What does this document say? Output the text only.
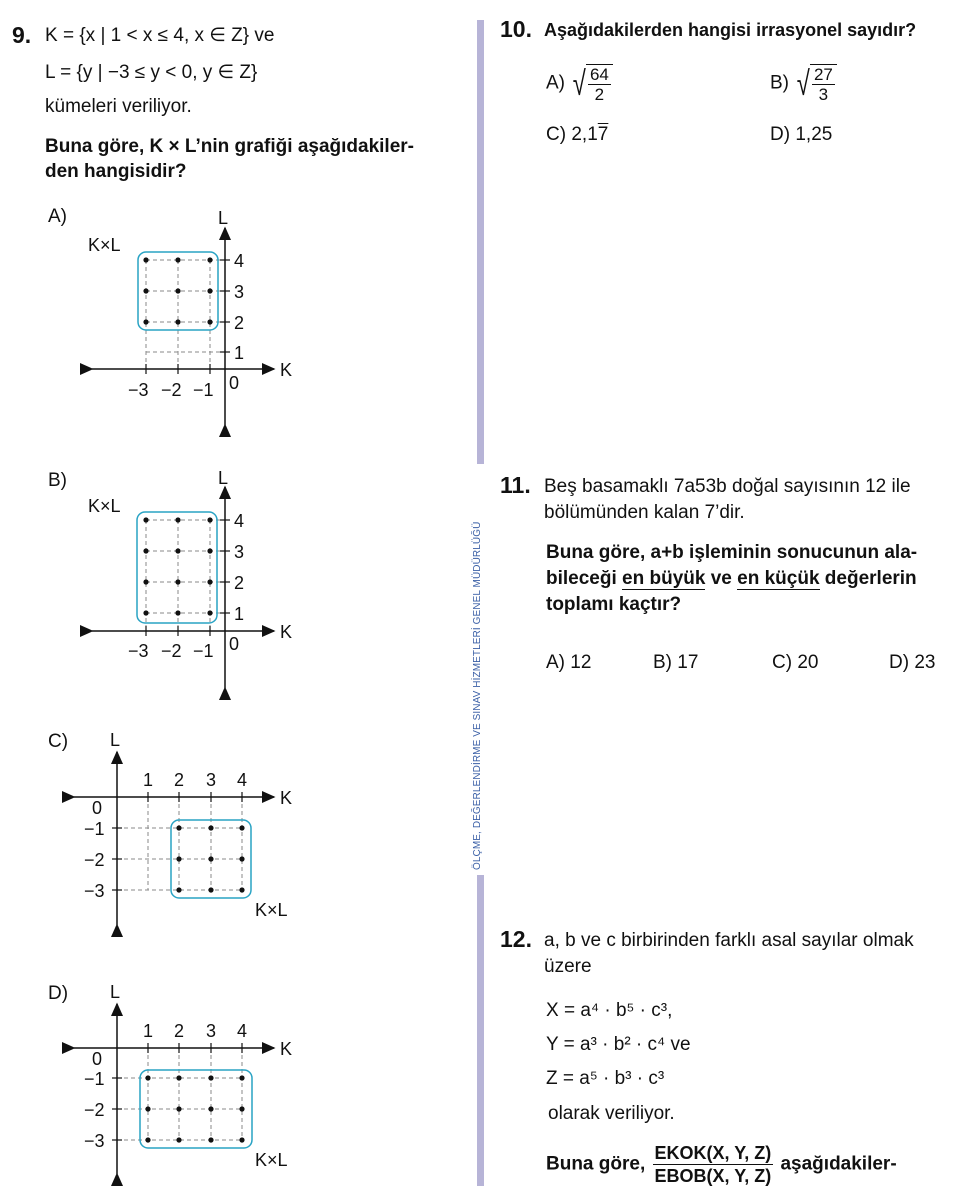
9. K = {x | 1 < x ≤ 4, x ∈ Z} ve
L = {y | −3 ≤ y < 0, y ∈ Z}
kümeleri veriliyor.
Buna göre, K × L’nin grafiği aşağıdakiler-
den hangisidir?
A)
B)
C)
D)
K×L
L
K
0
−3 −2 −1
4
3
2
1
K×L
L
K
0
−3 −2 −1
4
3
2
1
K×L
L
K
0
1 2 3 4
−1
−2
−3
K×L
L
K
0
1 2 3 4
−1
−2
−3
ÖLÇME, DEĞERLENDİRME VE SINAV HİZMETLERİ GENEL MÜDÜRLÜĞÜ
10. Aşağıdakilerden hangisi irrasyonel sayıdır?
A) √ $\frac{64}{2}$	B) √ $\frac{27}{3}$
C) 2,17	D) 1,25
11. Beş basamaklı 7a53b doğal sayısının 12 ile
bölümünden kalan 7’dir.
Buna göre, a+b işleminin sonucunun ala-
bileceği en büyük ve en küçük değerlerin
toplamı kaçtır?
A) 12	B) 17	C) 20	D) 23
12. a, b ve c birbirinden farklı asal sayılar olmak
üzere
X = a⁴ · b⁵ · c³,
Y = a³ · b² · c⁴ ve
Z = a⁵ · b³ · c³
olarak veriliyor.
Buna göre,
EKOK(X, Y, Z)
EBOB(X, Y, Z)
aşağıdakiler-
